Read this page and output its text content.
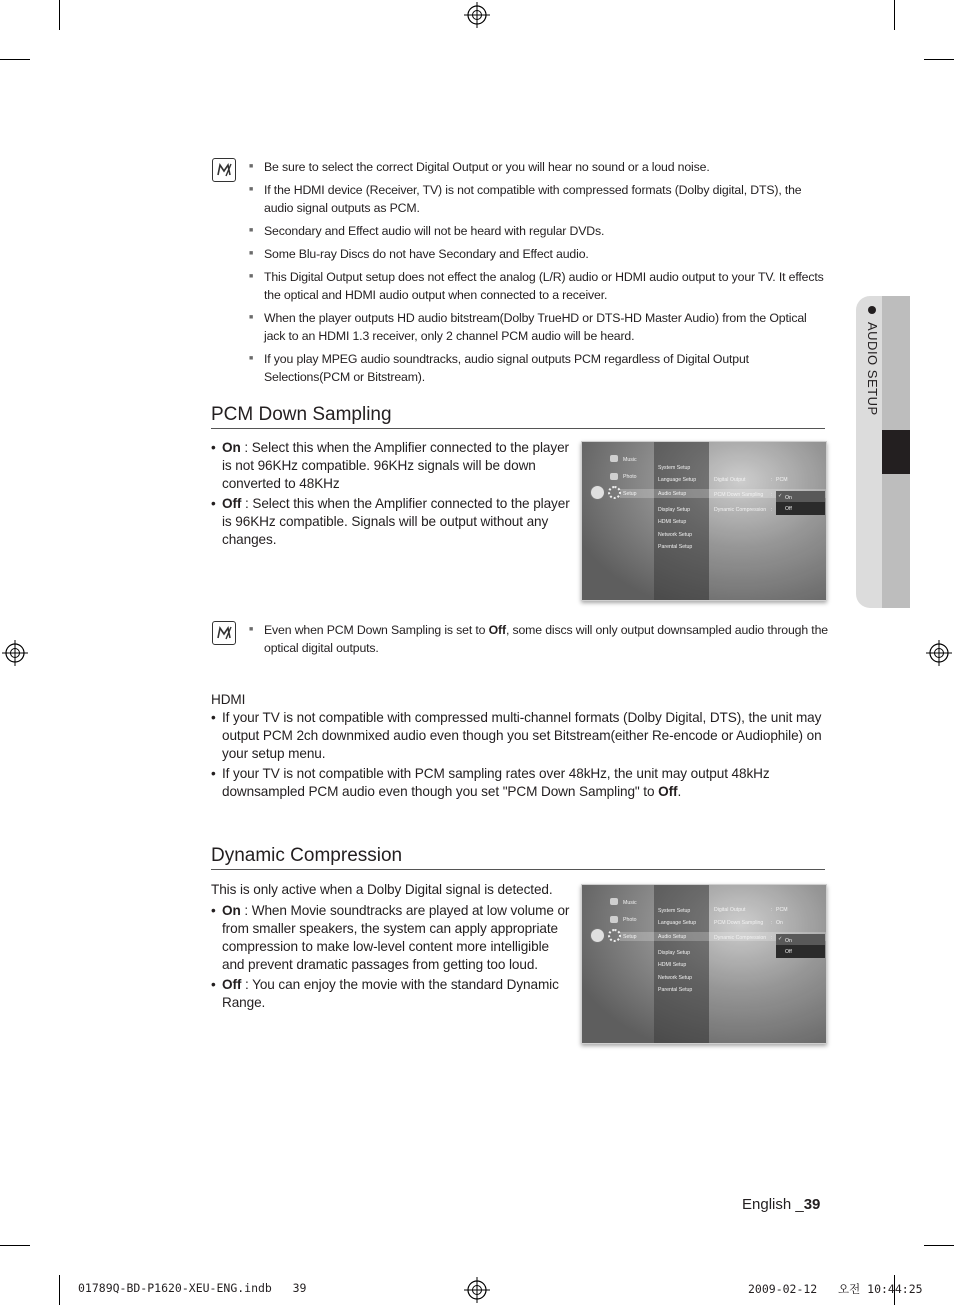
AUDIO SETUP
■ Be sure to select the correct Digital Output or you will hear no sound or a loud noise.
■ If the HDMI device (Receiver, TV) is not compatible with compressed formats (Dolby digital, DTS), the audio signal outputs as PCM.
■ Secondary and Effect audio will not be heard with regular DVDs.
■ Some Blu-ray Discs do not have Secondary and Effect audio.
■ This Digital Output setup does not effect the analog (L/R) audio or HDMI audio output to your TV. It effects the optical and HDMI audio output when connected to a receiver.
■ When the player outputs HD audio bitstream(Dolby TrueHD or DTS-HD Master Audio) from the Optical jack to an HDMI 1.3 receiver, only 2 channel PCM audio will be heard.
■ If you play MPEG audio soundtracks, audio signal outputs PCM regardless of Digital Output Selections(PCM or Bitstream).
PCM Down Sampling
• On : Select this when the Amplifier connected to the player is not 96KHz compatible. 96KHz signals will be down converted to 48KHz
• Off : Select this when the Amplifier connected to the player is 96KHz compatible. Signals will be output without any changes.
Music
Photo
Setup
System Setup
Language Setup
Audio Setup
Display Setup
HDMI Setup
Network Setup
Parental Setup
Digital Output	: PCM
PCM Down Sampling :
Dynamic Compression :
✓ On
Off
■ Even when PCM Down Sampling is set to Off, some discs will only output downsampled audio through the optical digital outputs.
HDMI
• If your TV is not compatible with compressed multi-channel formats (Dolby Digital, DTS), the unit may output PCM 2ch downmixed audio even though you set Bitstream(either Re-encode or Audiophile) on your setup menu.
• If your TV is not compatible with PCM sampling rates over 48kHz, the unit may output 48kHz downsampled PCM audio even though you set "PCM Down Sampling" to Off.
Dynamic Compression
This is only active when a Dolby Digital signal is detected.
• On : When Movie soundtracks are played at low volume or from smaller speakers, the system can apply appropriate compression to make low-level content more intelligible and prevent dramatic passages from getting too loud.
• Off : You can enjoy the movie with the standard Dynamic Range.
Music
Photo
Setup
System Setup
Language Setup
Audio Setup
Display Setup
HDMI Setup
Network Setup
Parental Setup
Digital Output	: PCM
PCM Down Sampling : On
Dynamic Compression : ✓ On
Off
English _39
01789Q-BD-P1620-XEU-ENG.indb   39	2009-02-12   오전 10:44:25
